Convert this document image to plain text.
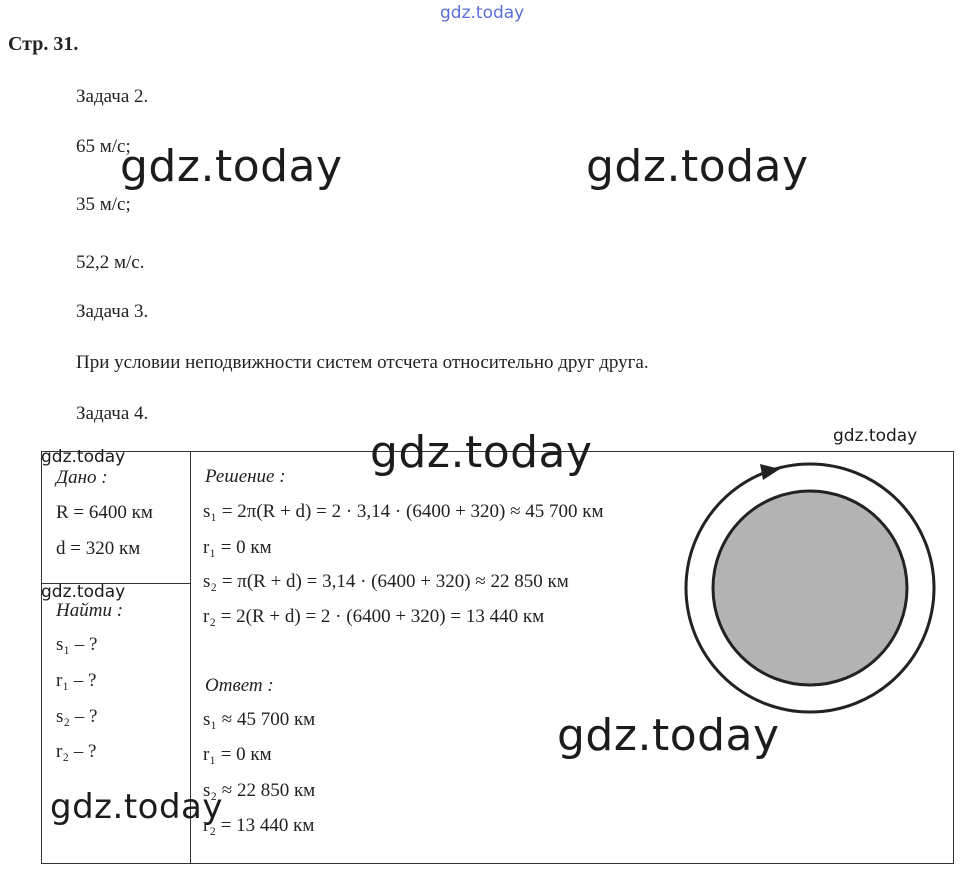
gdz.today
Стр. 31.
Задача 2.
65 м/с;
35 м/с;
52,2 м/с.
gdz.today	gdz.today
Задача 3.
При условии неподвижности систем отсчета относительно друг друга.
Задача 4.
gdz.today	gdz.today
gdz.today
gdz.today
Дано :
R = 6400 км
d = 320 км
Найти :
s₁ – ?
r₁ – ?
s₂ – ?
r₂ – ?
gdz.today
Решение :
s₁ = 2π(R + d) = 2 · 3,14 · (6400 + 320) ≈ 45 700 км
r₁ = 0 км
s₂ = π(R + d) = 3,14 · (6400 + 320) ≈ 22 850 км
r₂ = 2(R + d) = 2 · (6400 + 320) = 13 440 км
Ответ :
s₁ ≈ 45 700 км
r₁ = 0 км
s₂ ≈ 22 850 км
r₂ = 13 440 км
gdz.today
